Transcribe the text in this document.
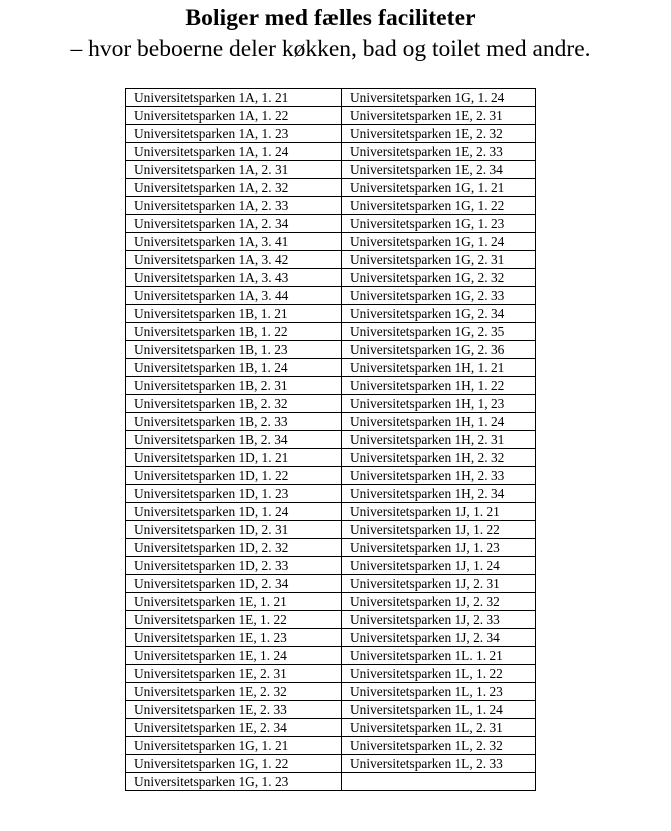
Boliger med fælles faciliteter
– hvor beboerne deler køkken, bad og toilet med andre.
Universitetsparken 1A, 1. 21	Universitetsparken 1G, 1. 24
Universitetsparken 1A, 1. 22	Universitetsparken 1E, 2. 31
Universitetsparken 1A, 1. 23	Universitetsparken 1E, 2. 32
Universitetsparken 1A, 1. 24	Universitetsparken 1E, 2. 33
Universitetsparken 1A, 2. 31	Universitetsparken 1E, 2. 34
Universitetsparken 1A, 2. 32	Universitetsparken 1G, 1. 21
Universitetsparken 1A, 2. 33	Universitetsparken 1G, 1. 22
Universitetsparken 1A, 2. 34	Universitetsparken 1G, 1. 23
Universitetsparken 1A, 3. 41	Universitetsparken 1G, 1. 24
Universitetsparken 1A, 3. 42	Universitetsparken 1G, 2. 31
Universitetsparken 1A, 3. 43	Universitetsparken 1G, 2. 32
Universitetsparken 1A, 3. 44	Universitetsparken 1G, 2. 33
Universitetsparken 1B, 1. 21	Universitetsparken 1G, 2. 34
Universitetsparken 1B, 1. 22	Universitetsparken 1G, 2. 35
Universitetsparken 1B, 1. 23	Universitetsparken 1G, 2. 36
Universitetsparken 1B, 1. 24	Universitetsparken 1H, 1. 21
Universitetsparken 1B, 2. 31	Universitetsparken 1H, 1. 22
Universitetsparken 1B, 2. 32	Universitetsparken 1H, 1, 23
Universitetsparken 1B, 2. 33	Universitetsparken 1H, 1. 24
Universitetsparken 1B, 2. 34	Universitetsparken 1H, 2. 31
Universitetsparken 1D, 1. 21	Universitetsparken 1H, 2. 32
Universitetsparken 1D, 1. 22	Universitetsparken 1H, 2. 33
Universitetsparken 1D, 1. 23	Universitetsparken 1H, 2. 34
Universitetsparken 1D, 1. 24	Universitetsparken 1J, 1. 21
Universitetsparken 1D, 2. 31	Universitetsparken 1J, 1. 22
Universitetsparken 1D, 2. 32	Universitetsparken 1J, 1. 23
Universitetsparken 1D, 2. 33	Universitetsparken 1J, 1. 24
Universitetsparken 1D, 2. 34	Universitetsparken 1J, 2. 31
Universitetsparken 1E, 1. 21	Universitetsparken 1J, 2. 32
Universitetsparken 1E, 1. 22	Universitetsparken 1J, 2. 33
Universitetsparken 1E, 1. 23	Universitetsparken 1J, 2. 34
Universitetsparken 1E, 1. 24	Universitetsparken 1L. 1. 21
Universitetsparken 1E, 2. 31	Universitetsparken 1L, 1. 22
Universitetsparken 1E, 2. 32	Universitetsparken 1L, 1. 23
Universitetsparken 1E, 2. 33	Universitetsparken 1L, 1. 24
Universitetsparken 1E, 2. 34	Universitetsparken 1L, 2. 31
Universitetsparken 1G, 1. 21	Universitetsparken 1L, 2. 32
Universitetsparken 1G, 1. 22	Universitetsparken 1L, 2. 33
Universitetsparken 1G, 1. 23	
